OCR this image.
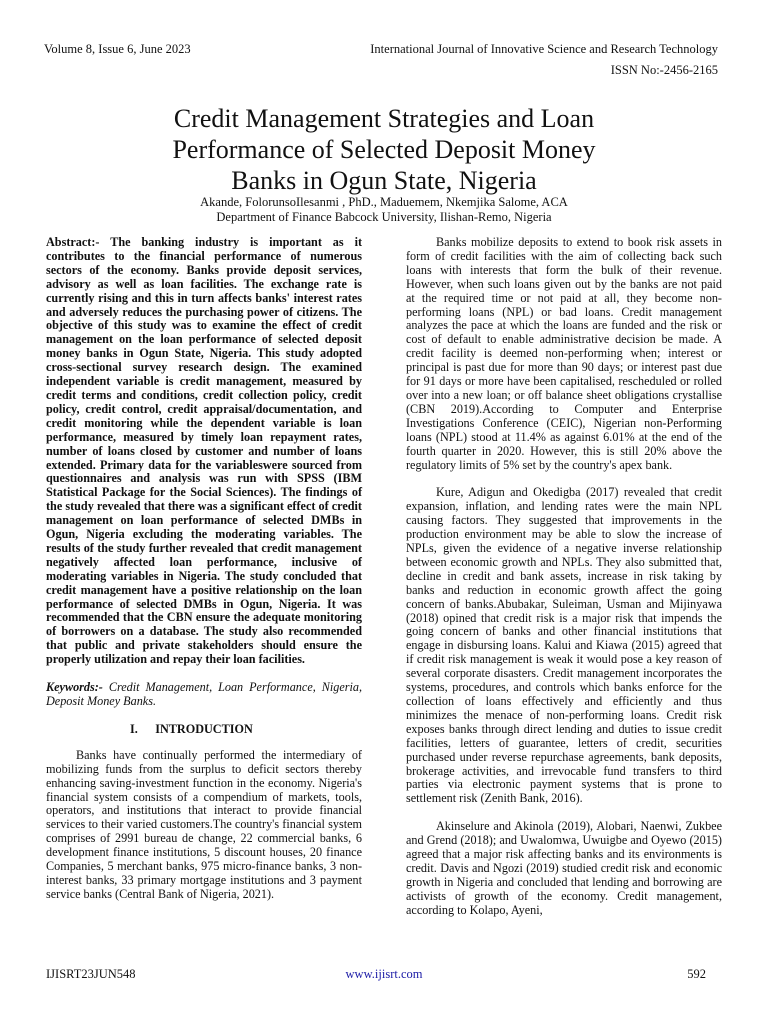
Volume 8, Issue 6, June 2023	International Journal of Innovative Science and Research Technology
ISSN No:-2456-2165
Credit Management Strategies and Loan
Performance of Selected Deposit Money
Banks in Ogun State, Nigeria
Akande, FolorunsoIlesanmi , PhD., Maduemem, Nkemjika Salome, ACA
Department of Finance Babcock University, Ilishan-Remo, Nigeria

Abstract:- The banking industry is important as it contributes to the financial performance of numerous sectors of the economy. Banks provide deposit services, advisory as well as loan facilities. The exchange rate is currently rising and this in turn affects banks' interest rates and adversely reduces the purchasing power of citizens. The objective of this study was to examine the effect of credit management on the loan performance of selected deposit money banks in Ogun State, Nigeria. This study adopted cross-sectional survey research design. The examined independent variable is credit management, measured by credit terms and conditions, credit collection policy, credit policy, credit control, credit appraisal/documentation, and credit monitoring while the dependent variable is loan performance, measured by timely loan repayment rates, number of loans closed by customer and number of loans extended. Primary data for the variableswere sourced from questionnaires and analysis was run with SPSS (IBM Statistical Package for the Social Sciences). The findings of the study revealed that there was a significant effect of credit management on loan performance of selected DMBs in Ogun, Nigeria excluding the moderating variables. The results of the study further revealed that credit management negatively affected loan performance, inclusive of moderating variables in Nigeria. The study concluded that credit management have a positive relationship on the loan performance of selected DMBs in Ogun, Nigeria. It was recommended that the CBN ensure the adequate monitoring of borrowers on a database. The study also recommended that public and private stakeholders should ensure the properly utilization and repay their loan facilities.

Keywords:- Credit Management, Loan Performance, Nigeria, Deposit Money Banks.

I. INTRODUCTION

Banks have continually performed the intermediary of mobilizing funds from the surplus to deficit sectors thereby enhancing saving-investment function in the economy. Nigeria's financial system consists of a compendium of markets, tools, operators, and institutions that interact to provide financial services to their varied customers.The country's financial system comprises of 2991 bureau de change, 22 commercial banks, 6 development finance institutions, 5 discount houses, 20 finance Companies, 5 merchant banks, 975 micro-finance banks, 3 non-interest banks, 33 primary mortgage institutions and 3 payment service banks (Central Bank of Nigeria, 2021).

Banks mobilize deposits to extend to book risk assets in form of credit facilities with the aim of collecting back such loans with interests that form the bulk of their revenue. However, when such loans given out by the banks are not paid at the required time or not paid at all, they become non-performing loans (NPL) or bad loans. Credit management analyzes the pace at which the loans are funded and the risk or cost of default to enable administrative decision be made. A credit facility is deemed non-performing when; interest or principal is past due for more than 90 days; or interest past due for 91 days or more have been capitalised, rescheduled or rolled over into a new loan; or off balance sheet obligations crystallise (CBN 2019).According to Computer and Enterprise Investigations Conference (CEIC), Nigerian non-Performing loans (NPL) stood at 11.4% as against 6.01% at the end of the fourth quarter in 2020. However, this is still 20% above the regulatory limits of 5% set by the country's apex bank.

Kure, Adigun and Okedigba (2017) revealed that credit expansion, inflation, and lending rates were the main NPL causing factors. They suggested that improvements in the production environment may be able to slow the increase of NPLs, given the evidence of a negative inverse relationship between economic growth and NPLs. They also submitted that, decline in credit and bank assets, increase in risk taking by banks and reduction in economic growth affect the going concern of banks.Abubakar, Suleiman, Usman and Mijinyawa (2018) opined that credit risk is a major risk that impends the going concern of banks and other financial institutions that engage in disbursing loans. Kalui and Kiawa (2015) agreed that if credit risk management is weak it would pose a key reason of several corporate disasters. Credit management incorporates the systems, procedures, and controls which banks enforce for the collection of loans effectively and efficiently and thus minimizes the menace of non-performing loans. Credit risk exposes banks through direct lending and duties to issue credit facilities, letters of guarantee, letters of credit, securities purchased under reverse repurchase agreements, bank deposits, brokerage activities, and irrevocable fund transfers to third parties via electronic payment systems that is prone to settlement risk (Zenith Bank, 2016).

Akinselure and Akinola (2019), Alobari, Naenwi, Zukbee and Grend (2018); and Uwalomwa, Uwuigbe and Oyewo (2015) agreed that a major risk affecting banks and its environments is credit. Davis and Ngozi (2019) studied credit risk and economic growth in Nigeria and concluded that lending and borrowing are activists of growth of the economy. Credit management, according to Kolapo, Ayeni,

IJISRT23JUN548	www.ijisrt.com	592
